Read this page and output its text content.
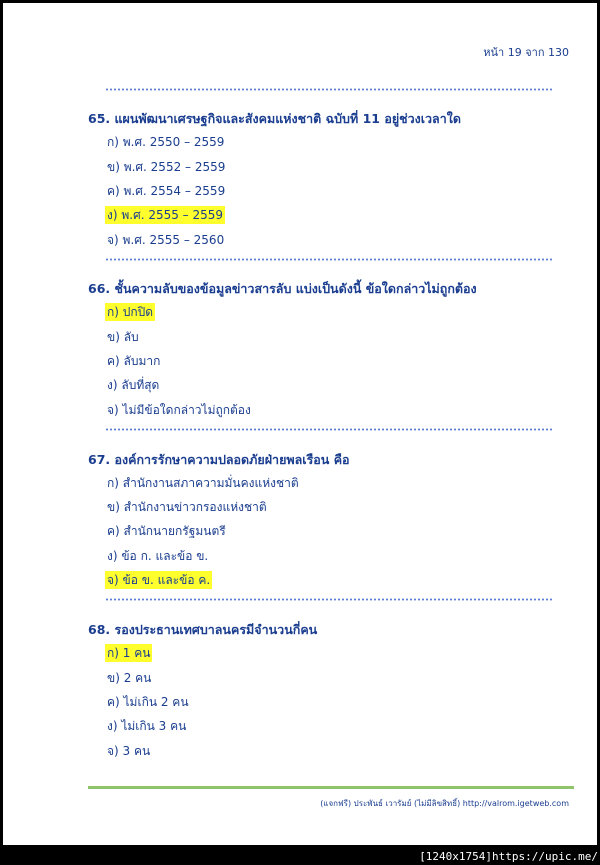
หน้า 19 จาก 130
65. แผนพัฒนาเศรษฐกิจและสังคมแห่งชาติ ฉบับที่ 11 อยู่ช่วงเวลาใด
ก) พ.ศ. 2550 – 2559
ข) พ.ศ. 2552 – 2559
ค) พ.ศ. 2554 – 2559
ง) พ.ศ. 2555 – 2559
จ) พ.ศ. 2555 – 2560
66. ชั้นความลับของข้อมูลข่าวสารลับ แบ่งเป็นดังนี้ ข้อใดกล่าวไม่ถูกต้อง
ก) ปกปิด
ข) ลับ
ค) ลับมาก
ง) ลับที่สุด
จ) ไม่มีข้อใดกล่าวไม่ถูกต้อง
67. องค์การรักษาความปลอดภัยฝ่ายพลเรือน คือ
ก) สำนักงานสภาความมั่นคงแห่งชาติ
ข) สำนักงานข่าวกรองแห่งชาติ
ค) สำนักนายกรัฐมนตรี
ง) ข้อ ก. และข้อ ข.
จ) ข้อ ข. และข้อ ค.
68. รองประธานเทศบาลนครมีจำนวนกี่คน
ก) 1 คน
ข) 2 คน
ค) ไม่เกิน 2 คน
ง) ไม่เกิน 3 คน
จ) 3 คน
(แจกฟรี) ประพันธ์ เวารัมย์ (ไม่มีลิขสิทธิ์) http://valrom.igetweb.com
[1240x1754]https://upic.me/
